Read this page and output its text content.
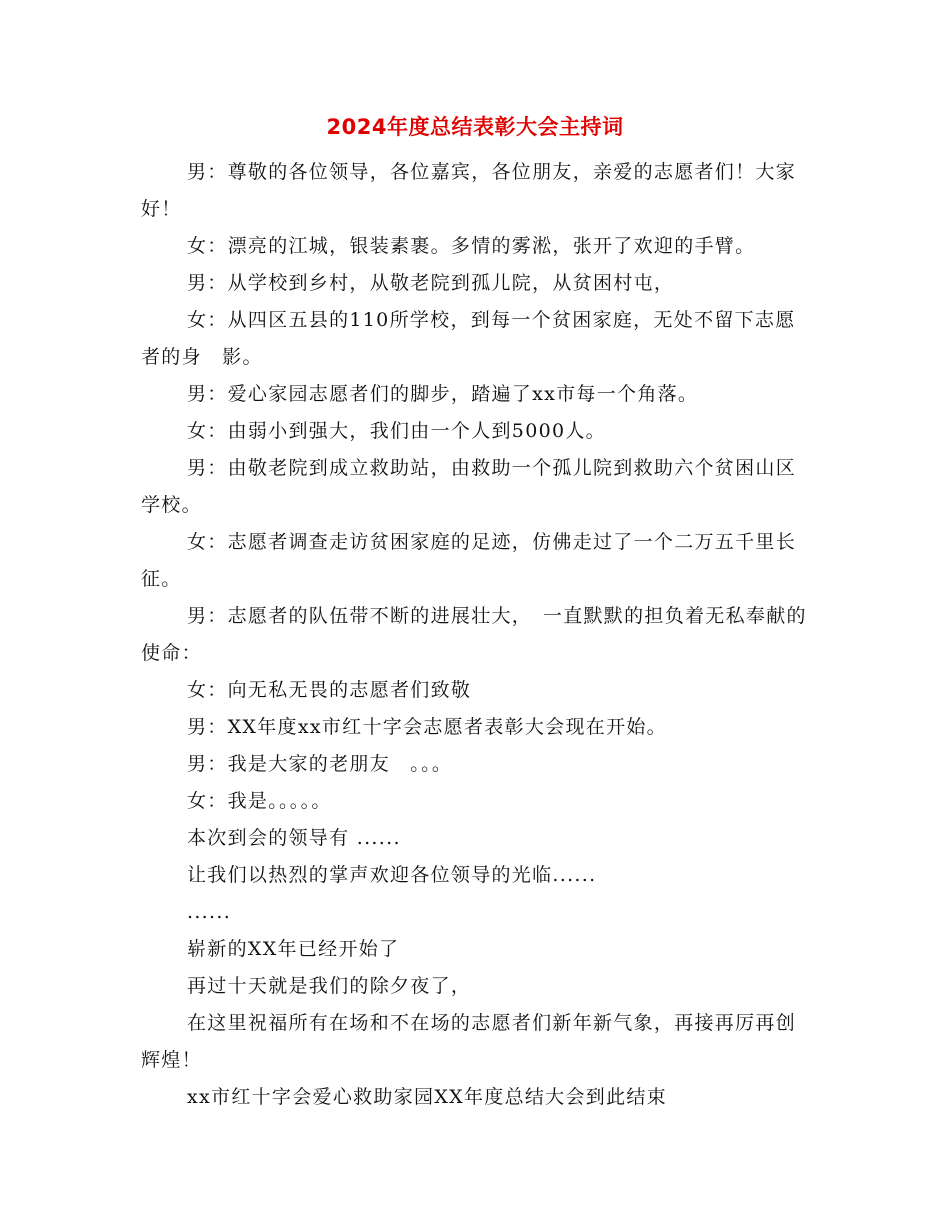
2024年度总结表彰大会主持词

男：尊敬的各位领导，各位嘉宾，各位朋友，亲爱的志愿者们！大家好！

女：漂亮的江城，银装素裹。多情的雾淞，张开了欢迎的手臂。

男：从学校到乡村，从敬老院到孤儿院，从贫困村屯，

女：从四区五县的110所学校，到每一个贫困家庭，无处不留下志愿者的身　影。

男：爱心家园志愿者们的脚步，踏遍了xx市每一个角落。

女：由弱小到强大，我们由一个人到5000人。

男：由敬老院到成立救助站，由救助一个孤儿院到救助六个贫困山区学校。

女：志愿者调查走访贫困家庭的足迹，仿佛走过了一个二万五千里长征。

男：志愿者的队伍带不断的进展壮大，　一直默默的担负着无私奉献的使命：

女：向无私无畏的志愿者们致敬

男：XX年度xx市红十字会志愿者表彰大会现在开始。

男：我是大家的老朋友　。。。

女：我是。。。。。

本次到会的领导有 ......

让我们以热烈的掌声欢迎各位领导的光临......

......

崭新的XX年已经开始了

再过十天就是我们的除夕夜了，

在这里祝福所有在场和不在场的志愿者们新年新气象，再接再厉再创辉煌！

xx市红十字会爱心救助家园XX年度总结大会到此结束
